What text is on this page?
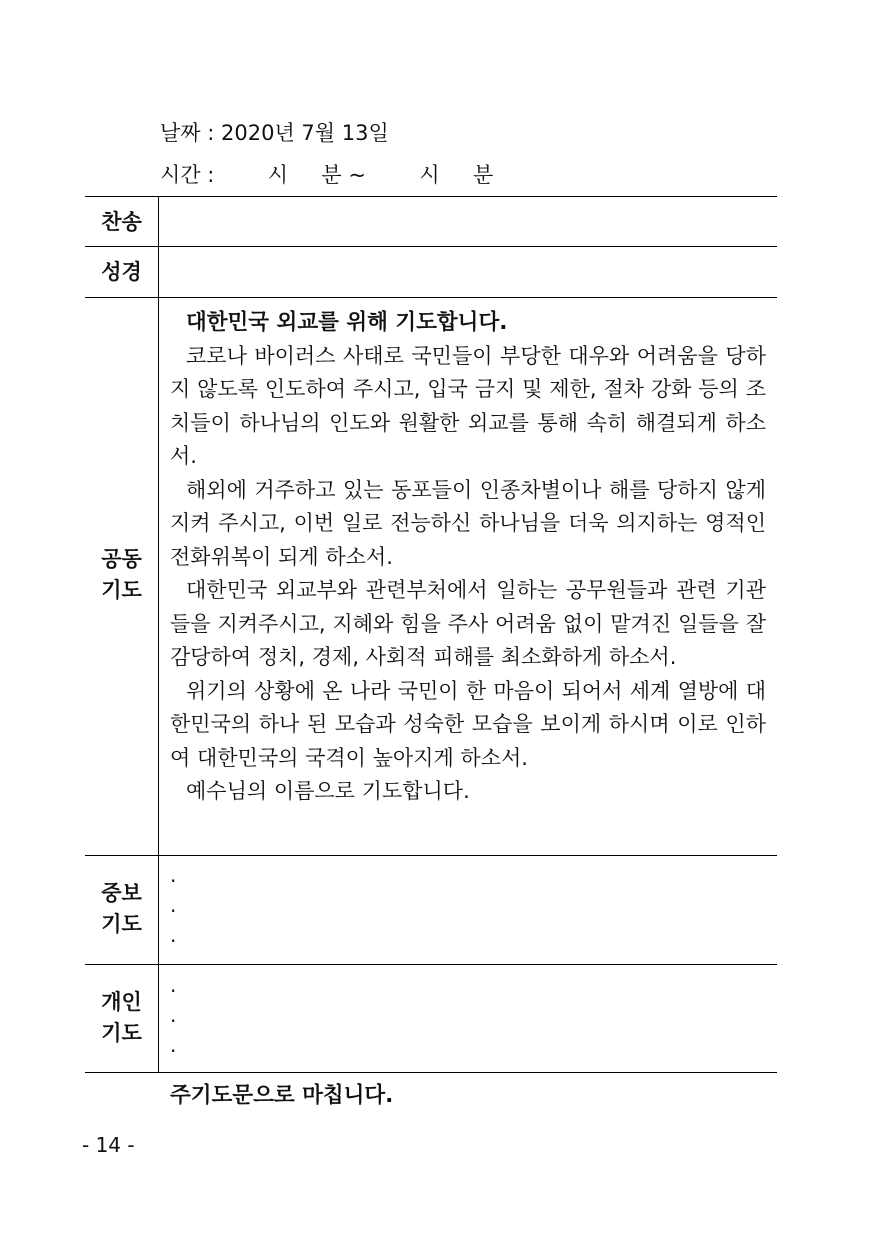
날짜 : 2020년 7월 13일
시간 :        시     분 ~        시     분
찬송
성경
공동
기도
대한민국 외교를 위해 기도합니다.

코로나 바이러스 사태로 국민들이 부당한 대우와 어려움을 당하지 않도록 인도하여 주시고, 입국 금지 및 제한, 절차 강화 등의 조치들이 하나님의 인도와 원활한 외교를 통해 속히 해결되게 하소서.

해외에 거주하고 있는 동포들이 인종차별이나 해를 당하지 않게 지켜 주시고, 이번 일로 전능하신 하나님을 더욱 의지하는 영적인 전화위복이 되게 하소서.

대한민국 외교부와 관련부처에서 일하는 공무원들과 관련 기관들을 지켜주시고, 지혜와 힘을 주사 어려움 없이 맡겨진 일들을 잘 감당하여 정치, 경제, 사회적 피해를 최소화하게 하소서.

위기의 상황에 온 나라 국민이 한 마음이 되어서 세계 열방에 대한민국의 하나 된 모습과 성숙한 모습을 보이게 하시며 이로 인하여 대한민국의 국격이 높아지게 하소서.

예수님의 이름으로 기도합니다.

중보
기도
.
.
.
개인
기도
.
.
.
주기도문으로 마칩니다.
- 14 -
